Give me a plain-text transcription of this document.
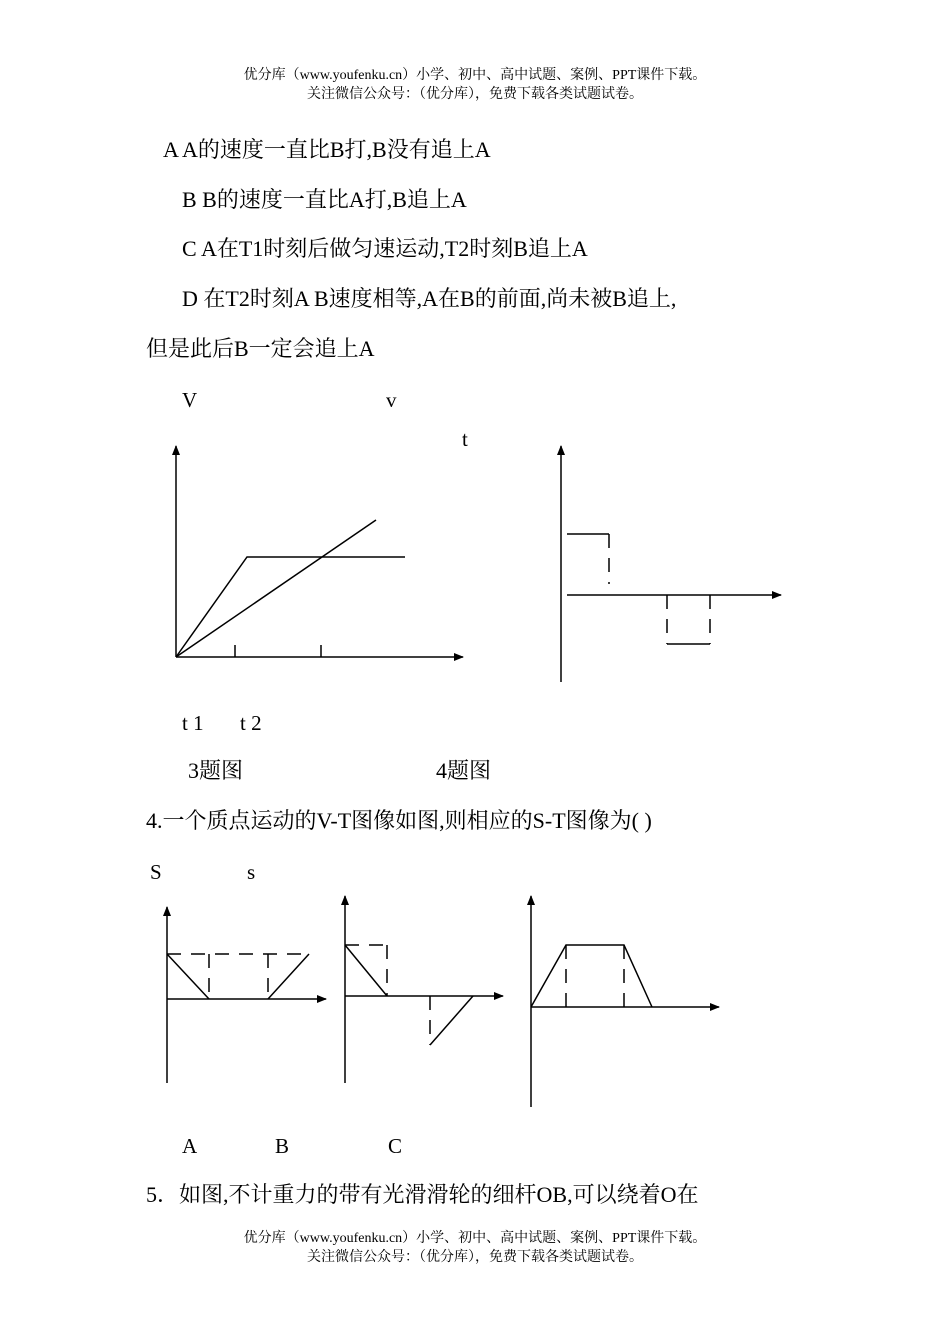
优分库（www.youfenku.cn）小学、初中、高中试题、案例、PPT课件下载。
关注微信公众号：（优分库），免费下载各类试题试卷。
A A的速度一直比B打,B没有追上A
B B的速度一直比A打,B追上A
C A在T1时刻后做匀速运动,T2时刻B追上A
D 在T2时刻A B速度相等,A在B的前面,尚未被B追上,
但是此后B一定会追上A
V	v
t
t 1 t 2
3题图	4题图
4.一个质点运动的V-T图像如图,则相应的S-T图像为( )
S	s
A	B	C
5．如图,不计重力的带有光滑滑轮的细杆OB,可以绕着O在
优分库（www.youfenku.cn）小学、初中、高中试题、案例、PPT课件下载。
关注微信公众号：（优分库），免费下载各类试题试卷。
